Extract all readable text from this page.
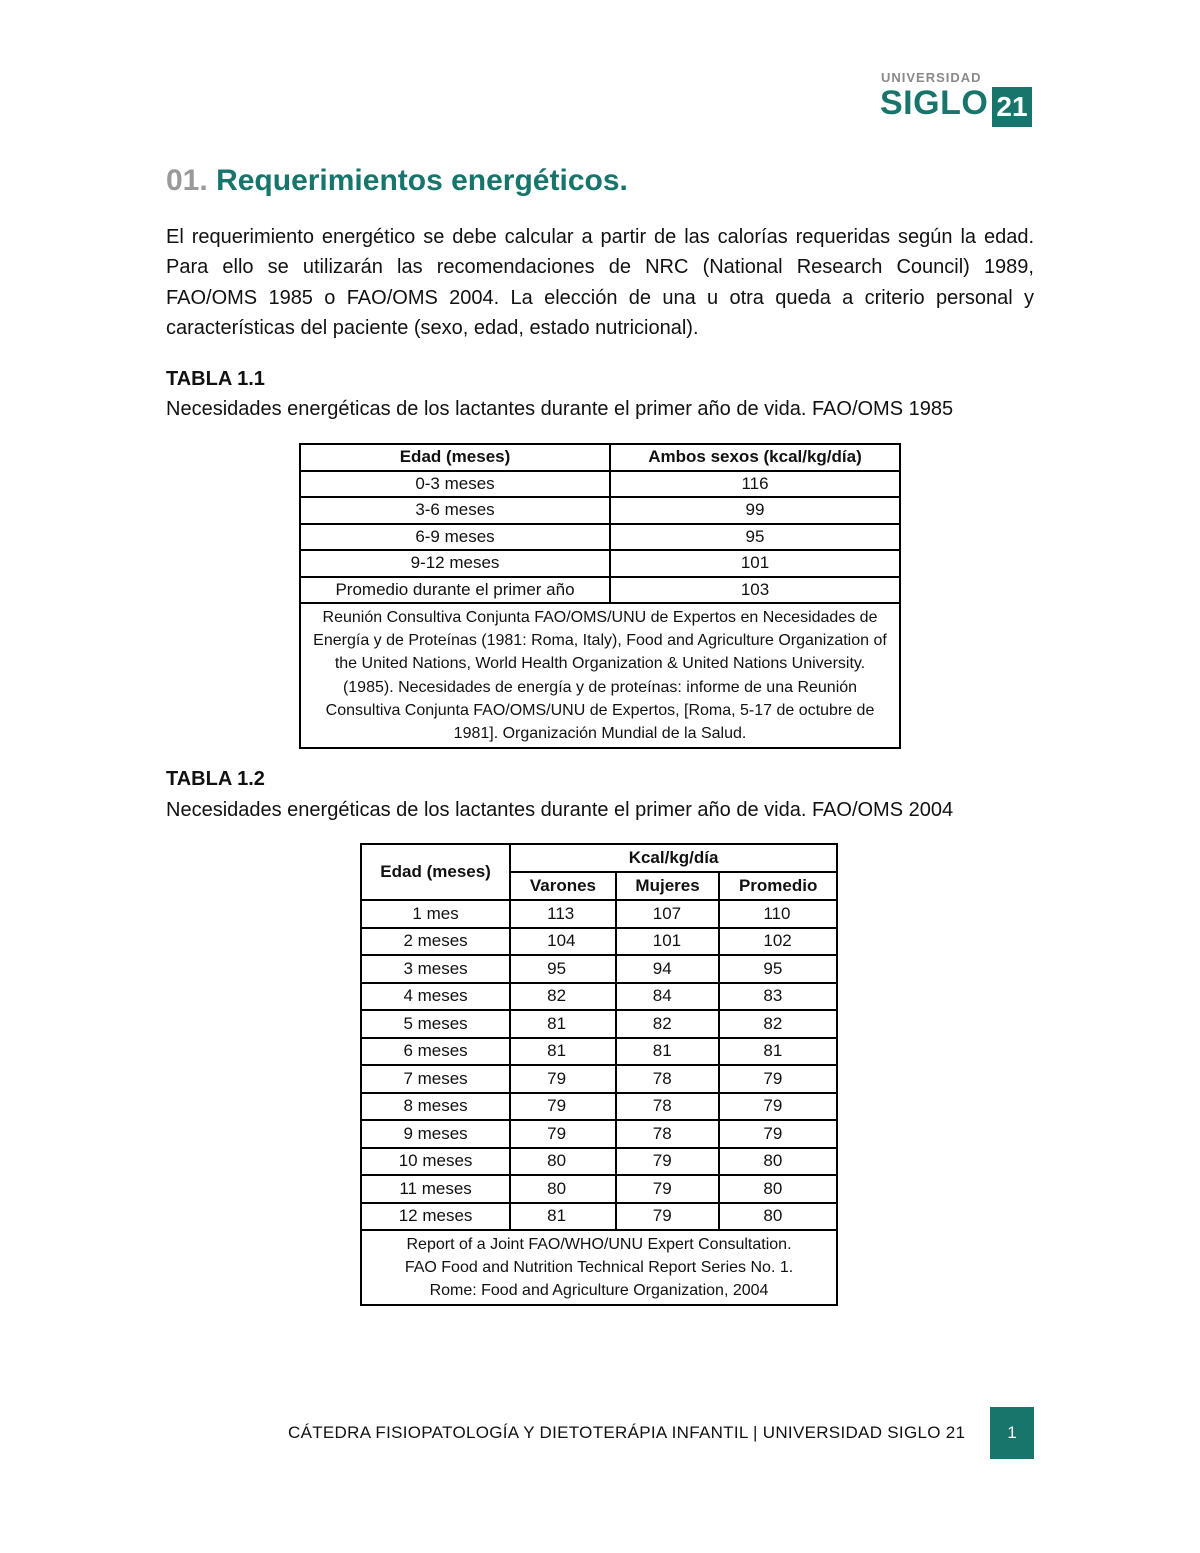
UNIVERSIDAD
SIGLO 21
01. Requerimientos energéticos.

El requerimiento energético se debe calcular a partir de las calorías requeridas según la edad. Para ello se utilizarán las recomendaciones de NRC (National Research Council) 1989, FAO/OMS 1985 o FAO/OMS 2004. La elección de una u otra queda a criterio personal y características del paciente (sexo, edad, estado nutricional).

TABLA 1.1
Necesidades energéticas de los lactantes durante el primer año de vida. FAO/OMS 1985
Edad (meses)	Ambos sexos (kcal/kg/día)
0-3 meses	116
3-6 meses	99
6-9 meses	95
9-12 meses	101
Promedio durante el primer año	103
Reunión Consultiva Conjunta FAO/OMS/UNU de Expertos en Necesidades de Energía y de Proteínas (1981: Roma, Italy), Food and Agriculture Organization of the United Nations, World Health Organization & United Nations University. (1985). Necesidades de energía y de proteínas: informe de una Reunión Consultiva Conjunta FAO/OMS/UNU de Expertos, [Roma, 5-17 de octubre de 1981]. Organización Mundial de la Salud.	
TABLA 1.2
Necesidades energéticas de los lactantes durante el primer año de vida. FAO/OMS 2004
Edad (meses)	Kcal/kg/día		
	Varones	Mujeres	Promedio
1 mes	113	107	110
2 meses	104	101	102
3 meses	95	94	95
4 meses	82	84	83
5 meses	81	82	82
6 meses	81	81	81
7 meses	79	78	79
8 meses	79	78	79
9 meses	79	78	79
10 meses	80	79	80
11 meses	80	79	80
12 meses	81	79	80

Report of a Joint FAO/WHO/UNU Expert Consultation.
FAO Food and Nutrition Technical Report Series No. 1.
Rome: Food and Agriculture Organization, 2004			
CÁTEDRA FISIOPATOLOGÍA Y DIETOTERÁPIA INFANTIL | UNIVERSIDAD SIGLO 21	1
